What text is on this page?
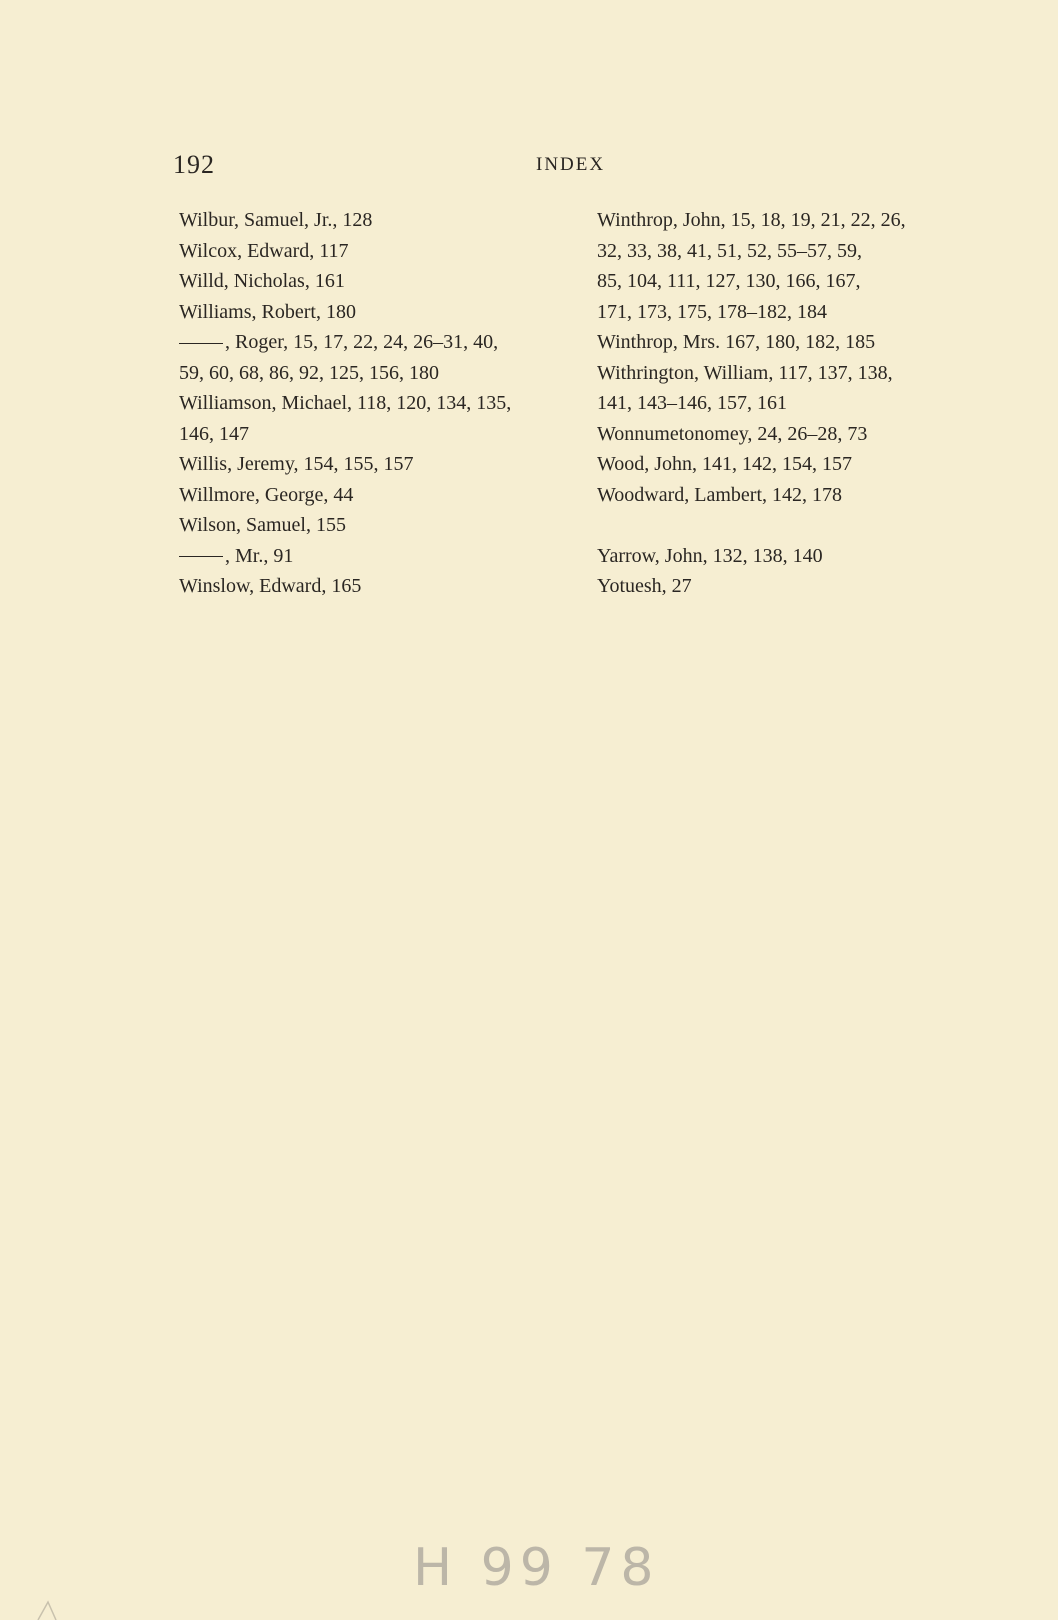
192	INDEX
Wilbur, Samuel, Jr., 128
Wilcox, Edward, 117
Willd, Nicholas, 161
Williams, Robert, 180
, Roger, 15, 17, 22, 24, 26–31, 40,
59, 60, 68, 86, 92, 125, 156, 180
Williamson, Michael, 118, 120, 134, 135,
146, 147
Willis, Jeremy, 154, 155, 157
Willmore, George, 44
Wilson, Samuel, 155
, Mr., 91
Winslow, Edward, 165
Winthrop, John, 15, 18, 19, 21, 22, 26,
32, 33, 38, 41, 51, 52, 55–57, 59,
85, 104, 111, 127, 130, 166, 167,
171, 173, 175, 178–182, 184
Winthrop, Mrs. 167, 180, 182, 185
Withrington, William, 117, 137, 138,
141, 143–146, 157, 161
Wonnumetonomey, 24, 26–28, 73
Wood, John, 141, 142, 154, 157
Woodward, Lambert, 142, 178
Yarrow, John, 132, 138, 140
Yotuesh, 27
H 99 78
